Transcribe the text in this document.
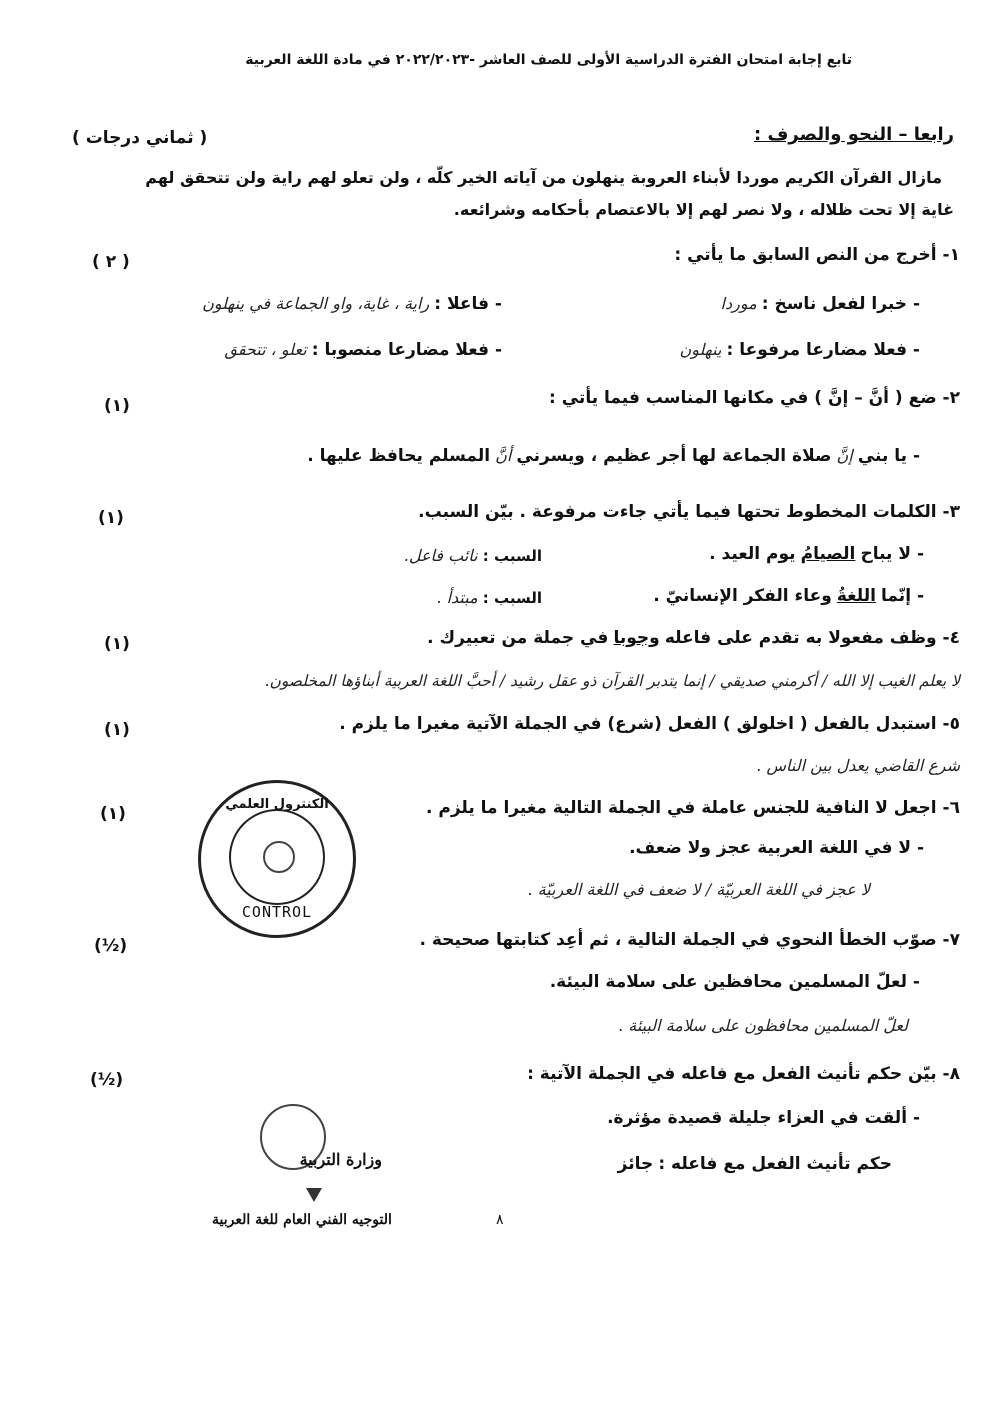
تابع إجابة امتحان الفترة الدراسية الأولى للصف العاشر -٢٠٢٢/٢٠٢٣ في مادة اللغة العربية
رابعا – النحو والصرف :
( ثماني درجات )
مازال القرآن الكريم موردا لأبناء العروبة ينهلون من آياته الخير كلّه ، ولن تعلو لهم راية ولن تتحقق لهم
غاية إلا تحت ظلاله ، ولا نصر لهم إلا بالاعتصام بأحكامه وشرائعه.
١- أخرج من النص السابق ما يأتي :
( ٢ )
- خبرا لفعل ناسخ : موردا
- فاعلا : راية ، غاية، واو الجماعة في ينهلون
- فعلا مضارعا مرفوعا : ينهلون
- فعلا مضارعا منصوبا : تعلو ، تتحقق
٢- ضع ( أنَّ – إنَّ ) في مكانها المناسب فيما يأتي :
(١)
- يا بني إنَّ صلاة الجماعة لها أجر عظيم ، ويسرني أنَّ المسلم يحافظ عليها .
٣- الكلمات المخطوط تحتها فيما يأتي جاءت مرفوعة . بيّن السبب.
(١)
- لا يباح الصيامُ يوم العيد .
السبب : نائب فاعل.
- إنّما اللغةُ وعاء الفكر الإنسانيّ .
السبب : مبتدأ .
٤- وظف مفعولا به تقدم على فاعله وجوبا في جملة من تعبيرك .
(١)
لا يعلم الغيب إلا الله / أكرمني صديقي / إنما يتدبر القرآن ذو عقل رشيد / أحبَّ اللغة العربية أبناؤها المخلصون.
٥- استبدل بالفعل ( اخلولق ) الفعل (شرع) في الجملة الآتية مغيرا ما يلزم .
(١)
شرع القاضي يعدل بين الناس .
٦- اجعل لا النافية للجنس عاملة في الجملة التالية مغيرا ما يلزم .
(١)
- لا في اللغة العربية عجز ولا ضعف.
لا عجز في اللغة العربيّة / لا ضعف في اللغة العربيّة .
الكنترول العلمي
CONTROL
٧- صوّب الخطأ النحوي في الجملة التالية ، ثم أعِد كتابتها صحيحة .
(½)
- لعلّ المسلمين محافظين على سلامة البيئة.
لعلّ المسلمين محافظون على سلامة البيئة .
٨- بيّن حكم تأنيث الفعل مع فاعله في الجملة الآتية :
(½)
- ألقت في العزاء جليلة قصيدة مؤثرة.
حكم تأنيث الفعل مع فاعله : جائز
وزارة التربية
التوجيه الفني العام للغة العربية	٨
